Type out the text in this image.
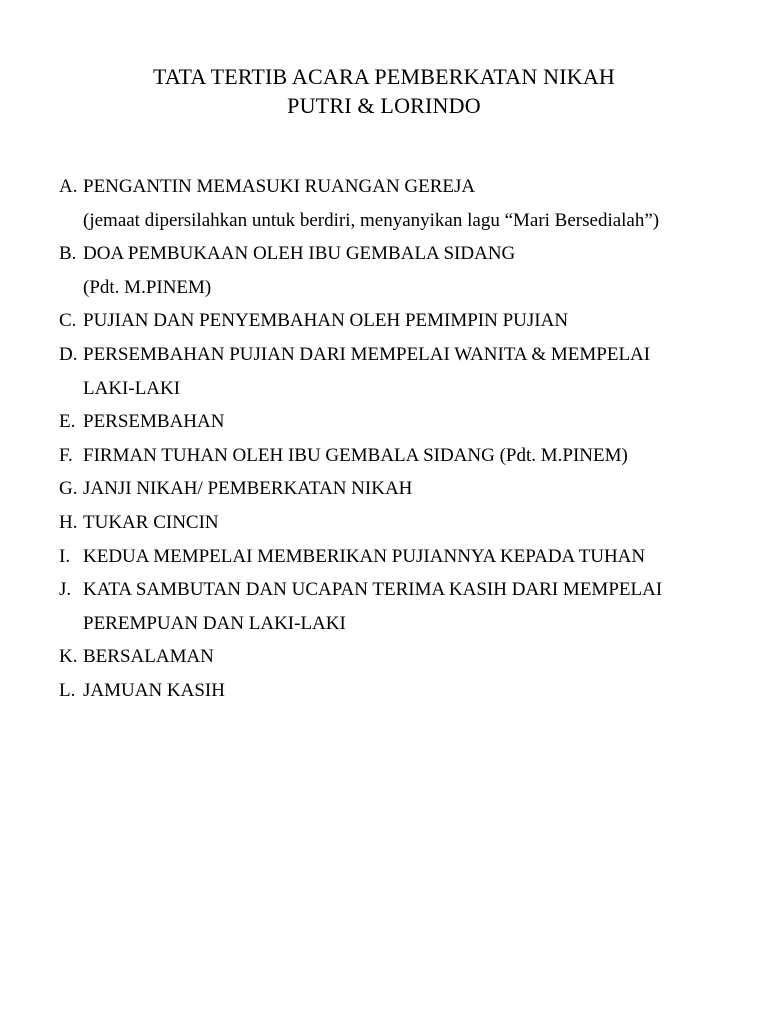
TATA TERTIB ACARA PEMBERKATAN NIKAH
PUTRI & LORINDO
A. PENGANTIN MEMASUKI RUANGAN GEREJA
(jemaat dipersilahkan untuk berdiri, menyanyikan lagu “Mari Bersedialah”)
B. DOA PEMBUKAAN OLEH IBU GEMBALA SIDANG
(Pdt. M.PINEM)
C. PUJIAN DAN PENYEMBAHAN OLEH PEMIMPIN PUJIAN
D. PERSEMBAHAN PUJIAN DARI MEMPELAI WANITA & MEMPELAI
LAKI-LAKI
E. PERSEMBAHAN
F. FIRMAN TUHAN OLEH IBU GEMBALA SIDANG (Pdt. M.PINEM)
G. JANJI NIKAH/ PEMBERKATAN NIKAH
H. TUKAR CINCIN
I. KEDUA MEMPELAI MEMBERIKAN PUJIANNYA KEPADA TUHAN
J. KATA SAMBUTAN DAN UCAPAN TERIMA KASIH DARI MEMPELAI
PEREMPUAN DAN LAKI-LAKI
K. BERSALAMAN
L. JAMUAN KASIH
